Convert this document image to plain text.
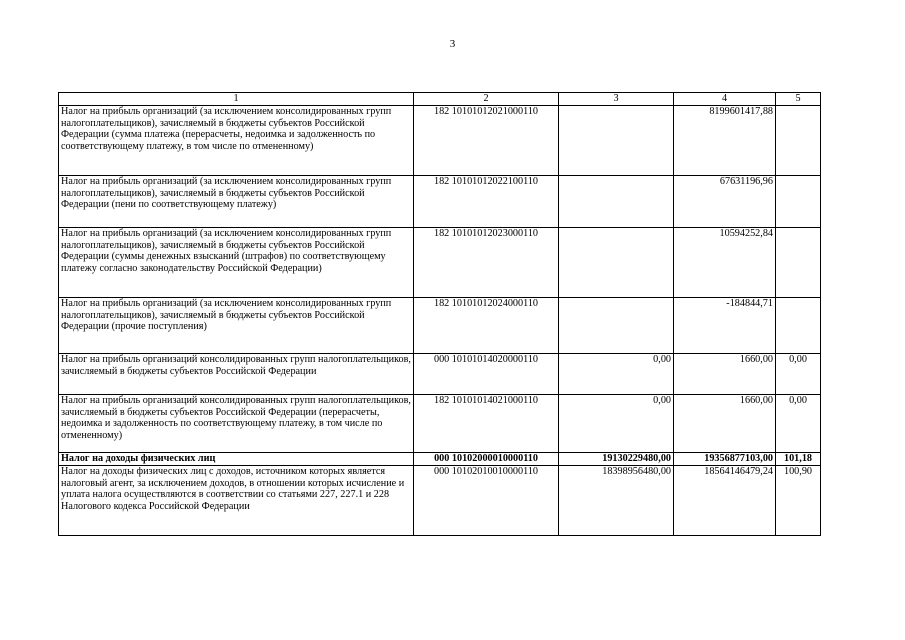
3
1	2	3	4	5
Налог на прибыль организаций (за исключением консолидированных групп налогоплательщиков), зачисляемый в бюджеты субъектов Российской Федерации (сумма платежа (перерасчеты, недоимка и задолженность по соответствующему платежу, в том числе по отмененному)	182 10101012021000110		8199601417,88	
Налог на прибыль организаций (за исключением консолидированных групп налогоплательщиков), зачисляемый в бюджеты субъектов Российской Федерации (пени по соответствующему платежу)	182 10101012022100110		67631196,96	
Налог на прибыль организаций (за исключением консолидированных групп налогоплательщиков), зачисляемый в бюджеты субъектов Российской Федерации (суммы денежных взысканий (штрафов) по соответствующему платежу согласно законодательству Российской Федерации)	182 10101012023000110		10594252,84	
Налог на прибыль организаций (за исключением консолидированных групп налогоплательщиков), зачисляемый в бюджеты субъектов Российской Федерации (прочие поступления)	182 10101012024000110		-184844,71	
Налог на прибыль организаций консолидированных групп налогоплательщиков, зачисляемый в бюджеты субъектов Российской Федерации	000 10101014020000110	0,00	1660,00	0,00
Налог на прибыль организаций консолидированных групп налогоплательщиков, зачисляемый в бюджеты субъектов Российской Федерации (перерасчеты, недоимка и задолженность по соответствующему платежу, в том числе по отмененному)	182 10101014021000110	0,00	1660,00	0,00
Налог на доходы физических лиц	000 10102000010000110	19130229480,00	19356877103,00	101,18
Налог на доходы физических лиц с доходов, источником которых является налоговый агент, за исключением доходов, в отношении которых исчисление и уплата налога осуществляются в соответствии со статьями 227, 227.1 и 228 Налогового кодекса Российской Федерации	000 10102010010000110	18398956480,00	18564146479,24	100,90
